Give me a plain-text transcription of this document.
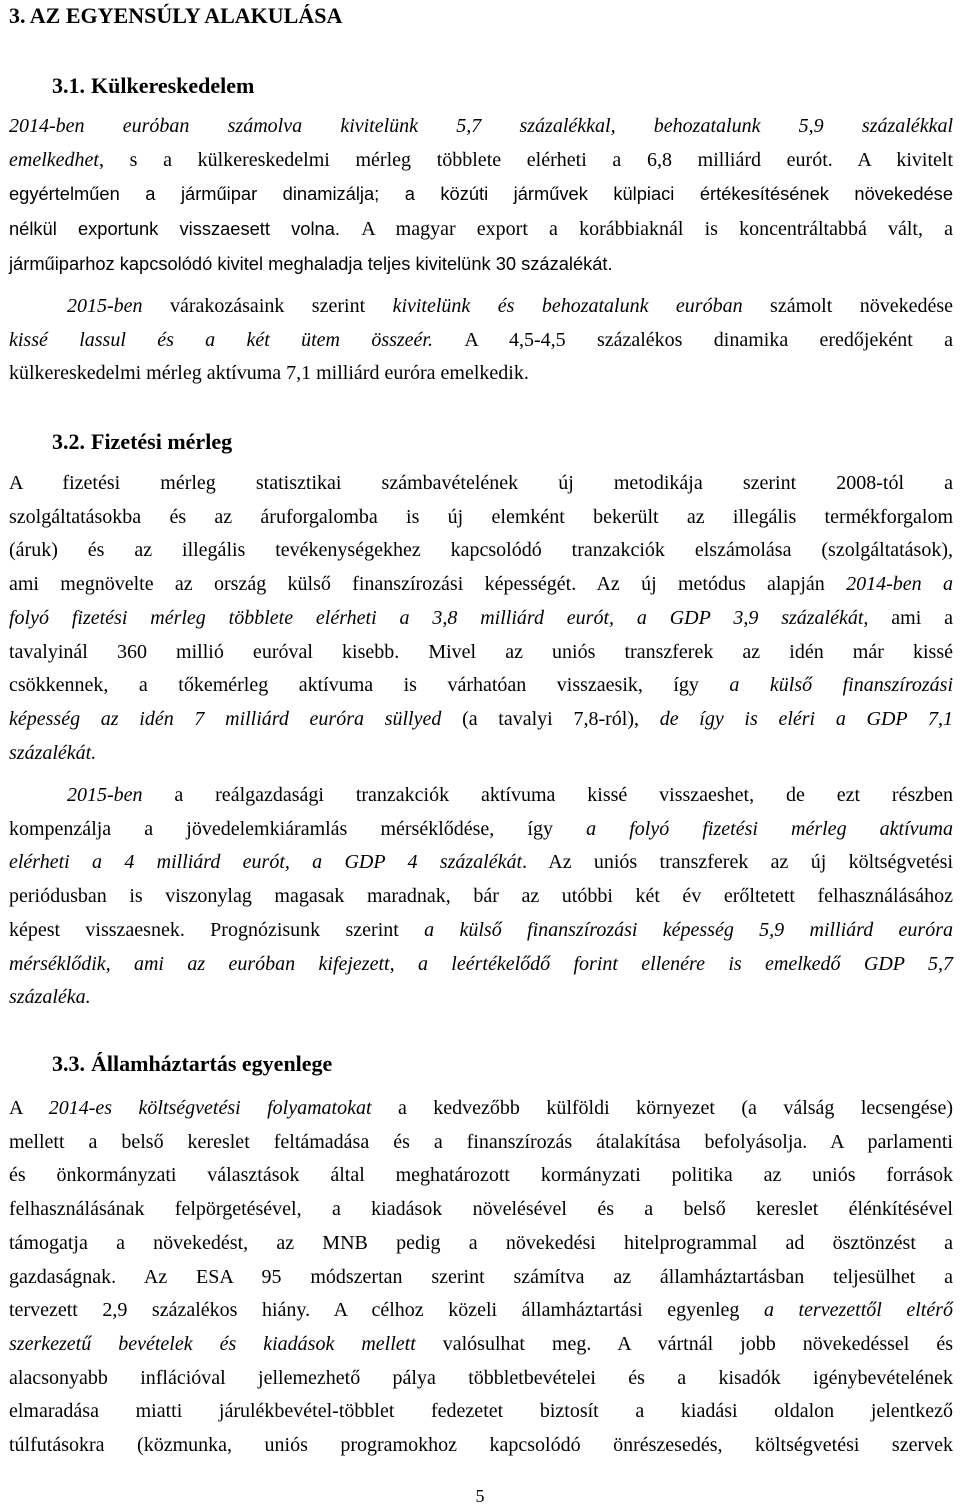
3. AZ EGYENSÚLY ALAKULÁSA
3.1. Külkereskedelem
2014-ben eurόban számolva kivitelünk 5,7 százalékkal, behozatalunk 5,9 százalékkal
emelkedhet, s a külkereskedelmi mérleg többlete elérheti a 6,8 milliárd eurót. A kivitelt
egyértelműen a járműipar dinamizálja; a közúti járművek külpiaci értékesítésének növekedése
nélkül exportunk visszaesett volna. A magyar export a korábbiaknál is koncentráltabbá vált, a
járműiparhoz kapcsolódó kivitel meghaladja teljes kivitelünk 30 százalékát.
2015-ben várakozásaink szerint kivitelünk és behozatalunk euróban számolt növekedése
kissé lassul és a két ütem összeér. A 4,5-4,5 százalékos dinamika eredőjeként a
külkereskedelmi mérleg aktívuma 7,1 milliárd euróra emelkedik.
3.2. Fizetési mérleg
A fizetési mérleg statisztikai számbavételének új metodikája szerint 2008-tól a
szolgáltatásokba és az áruforgalomba is új elemként bekerült az illegális termékforgalom
(áruk) és az illegális tevékenységekhez kapcsolódó tranzakciók elszámolása (szolgáltatások),
ami megnövelte az ország külső finanszírozási képességét. Az új metódus alapján 2014-ben a
folyó fizetési mérleg többlete elérheti a 3,8 milliárd eurót, a GDP 3,9 százalékát, ami a
tavalyinál 360 millió euróval kisebb. Mivel az uniós transzferek az idén már kissé
csökkennek, a tőkemérleg aktívuma is várhatóan visszaesik, így a külső finanszírozási
képesség az idén 7 milliárd euróra süllyed (a tavalyi 7,8-ról), de így is eléri a GDP 7,1
százalékát.
2015-ben a reálgazdasági tranzakciók aktívuma kissé visszaeshet, de ezt részben
kompenzálja a jövedelemkiáramlás mérséklődése, így a folyó fizetési mérleg aktívuma
elérheti a 4 milliárd eurót, a GDP 4 százalékát. Az uniós transzferek az új költségvetési
periódusban is viszonylag magasak maradnak, bár az utóbbi két év erőltetett felhasználásához
képest visszaesnek. Prognózisunk szerint a külső finanszírozási képesség 5,9 milliárd euróra
mérséklődik, ami az euróban kifejezett, a leértékelődő forint ellenére is emelkedő GDP 5,7
százaléka.
3.3. Államháztartás egyenlege
A 2014-es költségvetési folyamatokat a kedvezőbb külföldi környezet (a válság lecsengése)
mellett a belső kereslet feltámadása és a finanszírozás átalakítása befolyásolja. A parlamenti
és önkormányzati választások által meghatározott kormányzati politika az uniós források
felhasználásának felpörgetésével, a kiadások növelésével és a belső kereslet élénkítésével
támogatja a növekedést, az MNB pedig a növekedési hitelprogrammal ad ösztönzést a
gazdaságnak. Az ESA 95 módszertan szerint számítva az államháztartásban teljesülhet a
tervezett 2,9 százalékos hiány. A célhoz közeli államháztartási egyenleg a tervezettől eltérő
szerkezetű bevételek és kiadások mellett valósulhat meg. A vártnál jobb növekedéssel és
alacsonyabb inflációval jellemezhető pálya többletbevételei és a kisadók igénybevételének
elmaradása miatti járulékbevétel-többlet fedezetet biztosít a kiadási oldalon jelentkező
túlfutásokra (közmunka, uniós programokhoz kapcsolódó önrészesedés, költségvetési szervek
5
